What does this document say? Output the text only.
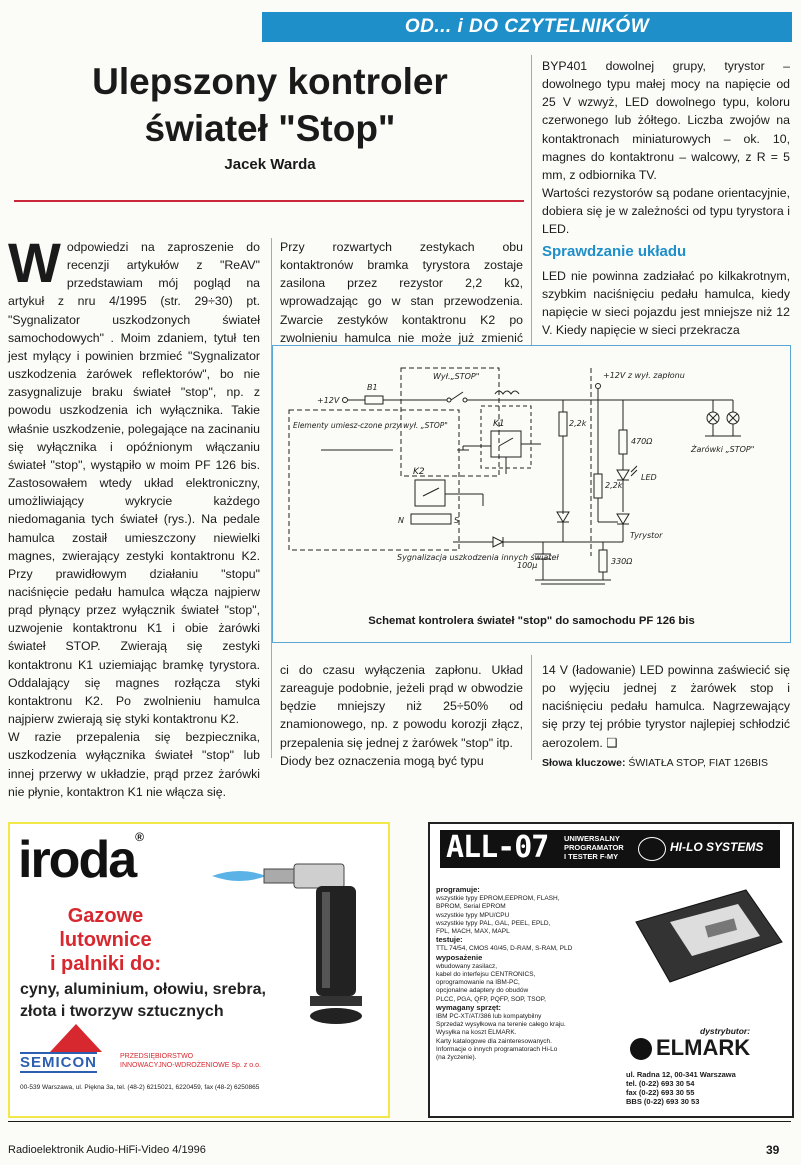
OD... i DO CZYTELNIKÓW
Ulepszony kontroler
świateł "Stop"
Jacek Warda
W odpowiedzi na zaproszenie do recenzji artykułów z "ReAV" przedstawiam mój pogląd na artykuł z nru 4/1995 (str. 29÷30) pt. "Sygnalizator uszkodzonych świateł samochodowych" . Moim zdaniem, tytuł ten jest mylący i powinien brzmieć "Sygnalizator uszkodzenia żarówek reflektorów", bo nie zasygnalizuje braku świateł "stop", np. z powodu uszkodzenia ich wyłącznika. Takie właśnie uszkodzenie, polegające na zacinaniu się wyłącznika i opóźnionym włączaniu świateł "stop", wystąpiło w moim PF 126 bis. Zastosowałem wtedy układ elektroniczny, umożliwiający wykrycie każdego niedomagania tych świateł (rys.). Na pedale hamulca zostaił umieszczony niewielki magnes, zwierający zestyki kontaktronu K2. Przy prawidłowym działaniu "stopu" naciśnięcie pedału hamulca włącza najpierw prąd płynący przez wyłącznik świateł "stop", uzwojenie kontaktronu K1 i obie żarówki świateł STOP. Zwierają się zestyki kontaktronu K1 uziemiając bramkę tyrystora. Oddalający się magnes rozłącza styki kontaktronu K2. Po zwolnieniu hamulca najpierw zwierają się styki kontaktronu K2.

W razie przepalenia się bezpiecznika, uszkodzenia wyłącznika świateł "stop" lub innej przerwy w układzie, prąd przez żarówki nie płynie, kontaktron K1 nie włącza się.

Przy rozwartych zestykach obu kontaktronów bramka tyrystora zostaje zasilona przez rezystor 2,2 kΩ, wprowadzając go w stan przewodzenia. Zwarcie zestyków kontaktronu K2 po zwolnieniu hamulca nie może już zmienić

BYP401 dowolnej grupy, tyrystor – dowolnego typu małej mocy na napięcie od 25 V wzwyż, LED dowolnego typu, koloru czerwonego lub żółtego. Liczba zwojów na kontaktronach miniaturowych – ok. 10, magnes do kontaktronu – walcowy, z R = 5 mm, z odbiornika TV.

Wartości rezystorów są podane orientacyjnie, dobiera się je w zależności od typu tyrystora i LED.

Sprawdzanie układu

LED nie powinna zadziałać po kilkakrotnym, szybkim naciśnięciu pedału hamulca, kiedy napięcie w sieci pojazdu jest mniejsze niż 12 V. Kiedy napięcie w sieci przekracza

+12V
B1
Wył.„STOP"
K1	2,2k
Elementy umiesz-czone przy wył. „STOP"
K2
N	S
+12V z wył. zapłonu
470Ω
2,2k
LED
Tyrystor
Sygnalizacja uszkodzenia innych świateł
100μ	330Ω
Żarówki „STOP"
Schemat kontrolera świateł "stop" do samochodu PF 126 bis

ci do czasu wyłączenia zapłonu. Układ zareaguje podobnie, jeżeli prąd w obwodzie będzie mniejszy niż 25÷50% od znamionowego, np. z powodu korozji złącz, przepalenia się jednej z żarówek "stop" itp.

Diody bez oznaczenia mogą być typu

14 V (ładowanie) LED powinna zaświecić się po wyjęciu jednej z żarówek stop i naciśnięciu pedału hamulca. Nagrzewający się przy tej próbie tyrystor najlepiej schłodzić aerozolem. ❑

Słowa kluczowe: ŚWIATŁA STOP, FIAT 126BIS
iroda®
Gazowe
lutownice
i palniki do:
cyny, aluminium, ołowiu, srebra,
złota i tworzyw sztucznych
SEMICON	PRZEDSIĘBIORSTWO
INNOWACYJNO-WDROŻENIOWE Sp. z o.o.
00-539 Warszawa, ul. Piękna 3a, tel. (48-2) 6215021, 6220459, fax (48-2) 6250865
ALL-07 UNIWERSALNY
PROGRAMATOR
I TESTER F-MY
HI-LO SYSTEMS
programuje:
wszystkie typy EPROM,EEPROM, FLASH,
BPROM, Serial EPROM
wszystkie typy MPU/CPU
wszystkie typy PAL, GAL, PEEL, EPLD,
FPL, MACH, MAX, MAPL
testuje:
TTL 74/54, CMOS 40/45, D-RAM, S-RAM, PLD
wyposażenie
wbudowany zasilacz,
kabel do interfejsu CENTRONICS,
oprogramowanie na IBM-PC,
opcjonalne adaptery do obudów
PLCC, PGA, QFP, PQFP, SOP, TSOP,
wymagany sprzęt:
IBM PC-XT/AT/386 lub kompatybilny
Sprzedaż wysyłkowa na terenie całego kraju.
Wysyłka na koszt ELMARK.
Karty katalogowe dla zainteresowanych.
Informacje o innych programatorach Hi-Lo
(na życzenie).
dystrybutor:
ELMARK
ul. Radna 12, 00-341 Warszawa
tel. (0-22) 693 30 54
fax (0-22) 693 30 55
BBS (0-22) 693 30 53
Radioelektronik Audio-HiFi-Video 4/1996	39
